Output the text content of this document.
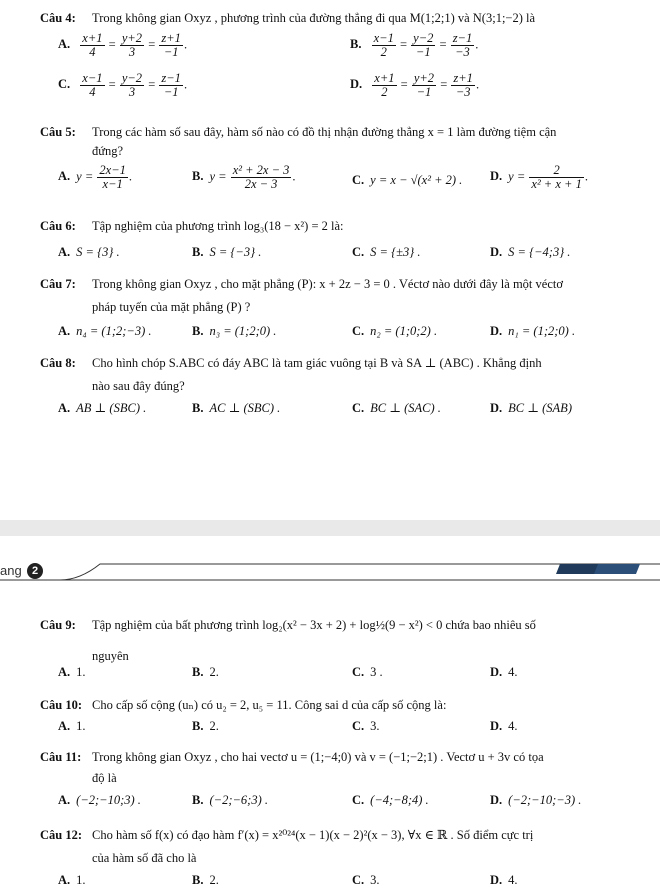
Câu 4: Trong không gian Oxyz , phương trình của đường thẳng đi qua M(1;2;1) và N(3;1;−2) là
A. $\frac{x+1}{4} = \frac{y+2}{3} = \frac{z+1}{-1}$ .	B. $\frac{x-1}{2} = \frac{y-2}{-1} = \frac{z-1}{-3}$ .
C. $\frac{x-1}{4} = \frac{y-2}{3} = \frac{z-1}{-1}$ .	D. $\frac{x+1}{2} = \frac{y+2}{-1} = \frac{z+1}{-3}$ .
Câu 5: Trong các hàm số sau đây, hàm số nào có đồ thị nhận đường thẳng x = 1 làm đường tiệm cận
đứng?
A. $y = \frac{2x-1}{x-1}$ .	B. $y = \frac{\text{x² + 2x − 3}}{2x - 3}$ .	C. y = x − √(x² + 2) . D. $y = \frac{2}{\text{x² + x + 1}}$ .
Câu 6: Tập nghiệm của phương trình log₃(18 − x²) = 2 là:
A. S = {3} .	B. S = {−3} .	C. S = {±3} .	D. S = {−4;3} .
Câu 7: Trong không gian Oxyz , cho mặt phẳng (P): x + 2z − 3 = 0 . Véctơ nào dưới đây là một véctơ
pháp tuyến của mặt phẳng (P) ?
A. n₄ = (1;2;−3) .	B. n₃ = (1;2;0) .	C. n₂ = (1;0;2) .	D. n₁ = (1;2;0) .
Câu 8: Cho hình chóp S.ABC có đáy ABC là tam giác vuông tại B và SA ⊥ (ABC) . Khẳng định
nào sau đây đúng?
A. AB ⊥ (SBC) .	B. AC ⊥ (SBC) .	C. BC ⊥ (SAC) .	D. BC ⊥ (SAB)
ang 2
Câu 9: Tập nghiệm của bất phương trình log₂(x² − 3x + 2) + log½(9 − x²) < 0 chứa bao nhiêu số
nguyên
A. 1.	B. 2.	C. 3 .	D. 4.
Câu 10: Cho cấp số cộng (uₙ) có u₂ = 2, u₅ = 11. Công sai d của cấp số cộng là:
A. 1.	B. 2.	C. 3.	D. 4.
Câu 11: Trong không gian Oxyz , cho hai vectơ u = (1;−4;0) và v = (−1;−2;1) . Vectơ u + 3v có tọa
độ là
A. (−2;−10;3) .	B. (−2;−6;3) .	C. (−4;−8;4) .	D. (−2;−10;−3) .
Câu 12: Cho hàm số f(x) có đạo hàm f′(x) = x²⁰²⁴(x − 1)(x − 2)²(x − 3), ∀x ∈ ℝ . Số điểm cực trị
của hàm số đã cho là
A. 1.	B. 2.	C. 3.	D. 4.
